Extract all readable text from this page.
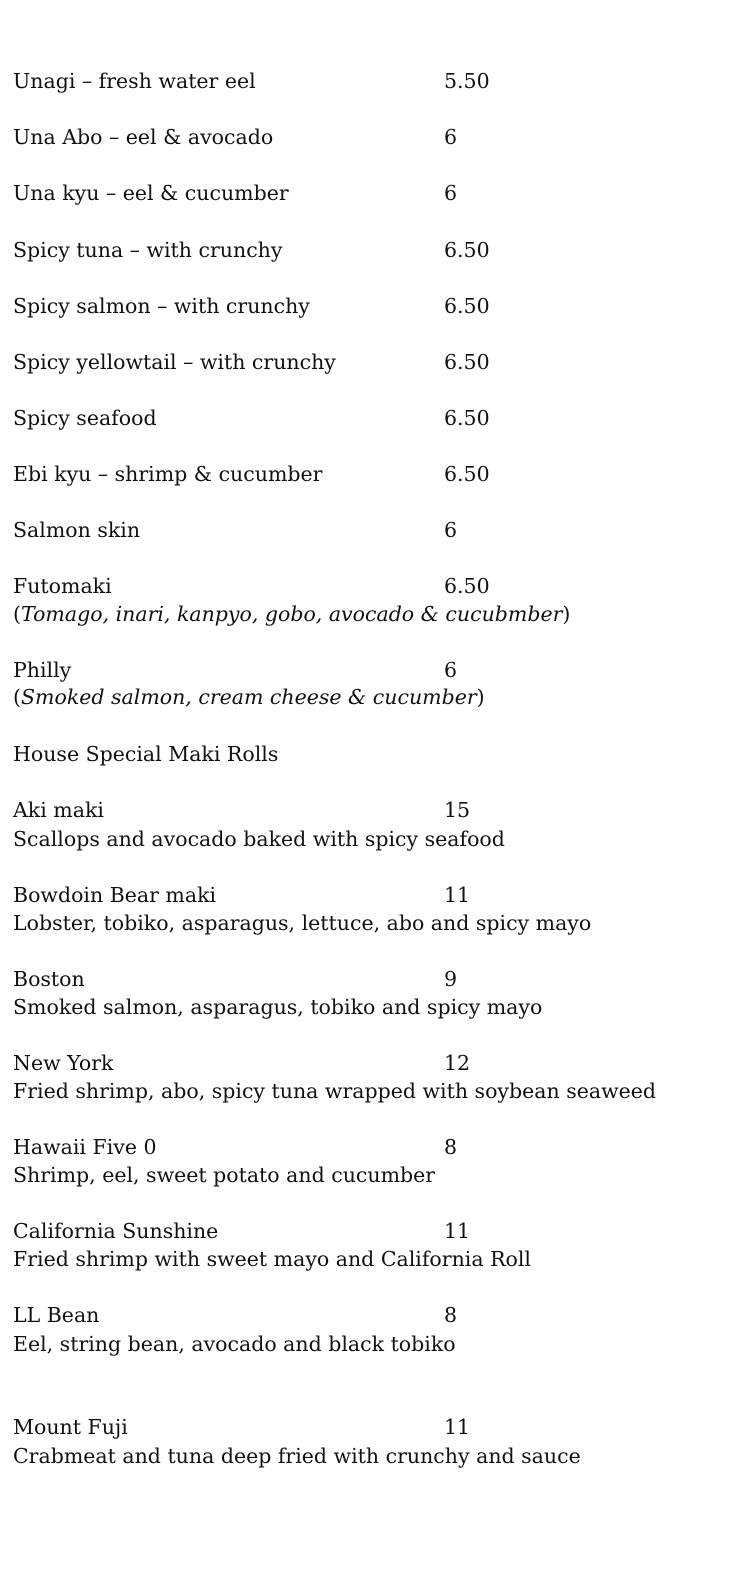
Unagi – fresh water eel	5.50
Una Abo – eel & avocado	6
Una kyu – eel & cucumber	6
Spicy tuna – with crunchy	6.50
Spicy salmon – with crunchy	6.50
Spicy yellowtail – with crunchy	6.50
Spicy seafood	6.50
Ebi kyu – shrimp & cucumber	6.50
Salmon skin	6
Futomaki	6.50
(Tomago, inari, kanpyo, gobo, avocado & cucubmber)
Philly	6
(Smoked salmon, cream cheese & cucumber)
House Special Maki Rolls
Aki maki	15
Scallops and avocado baked with spicy seafood
Bowdoin Bear maki	11
Lobster, tobiko, asparagus, lettuce, abo and spicy mayo
Boston	9
Smoked salmon, asparagus, tobiko and spicy mayo
New York	12
Fried shrimp, abo, spicy tuna wrapped with soybean seaweed
Hawaii Five 0	8
Shrimp, eel, sweet potato and cucumber
California Sunshine	11
Fried shrimp with sweet mayo and California Roll
LL Bean	8
Eel, string bean, avocado and black tobiko
Mount Fuji	11
Crabmeat and tuna deep fried with crunchy and sauce
